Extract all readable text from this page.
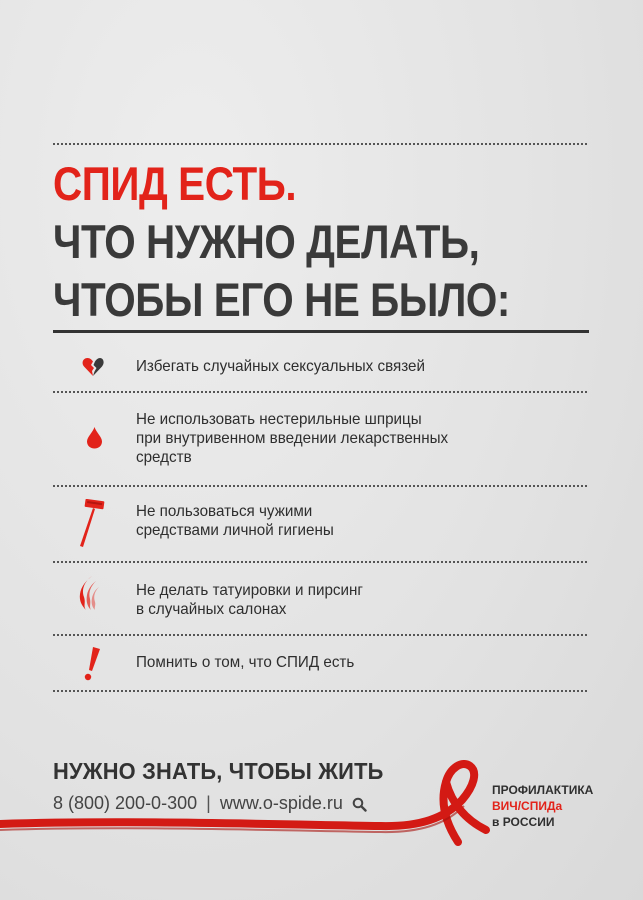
СПИД ЕСТЬ.
ЧТО НУЖНО ДЕЛАТЬ,
ЧТОБЫ ЕГО НЕ БЫЛО:
Избегать случайных сексуальных связей
Не использовать нестерильные шприцы
при внутривенном введении лекарственных
средств
Не пользоваться чужими
средствами личной гигиены
Не делать татуировки и пирсинг
в случайных салонах
Помнить о том, что СПИД есть
НУЖНО ЗНАТЬ, ЧТОБЫ ЖИТЬ
8 (800) 200-0-300 | www.o-spide.ru
ПРОФИЛАКТИКА
ВИЧ/СПИДа
в РОССИИ
